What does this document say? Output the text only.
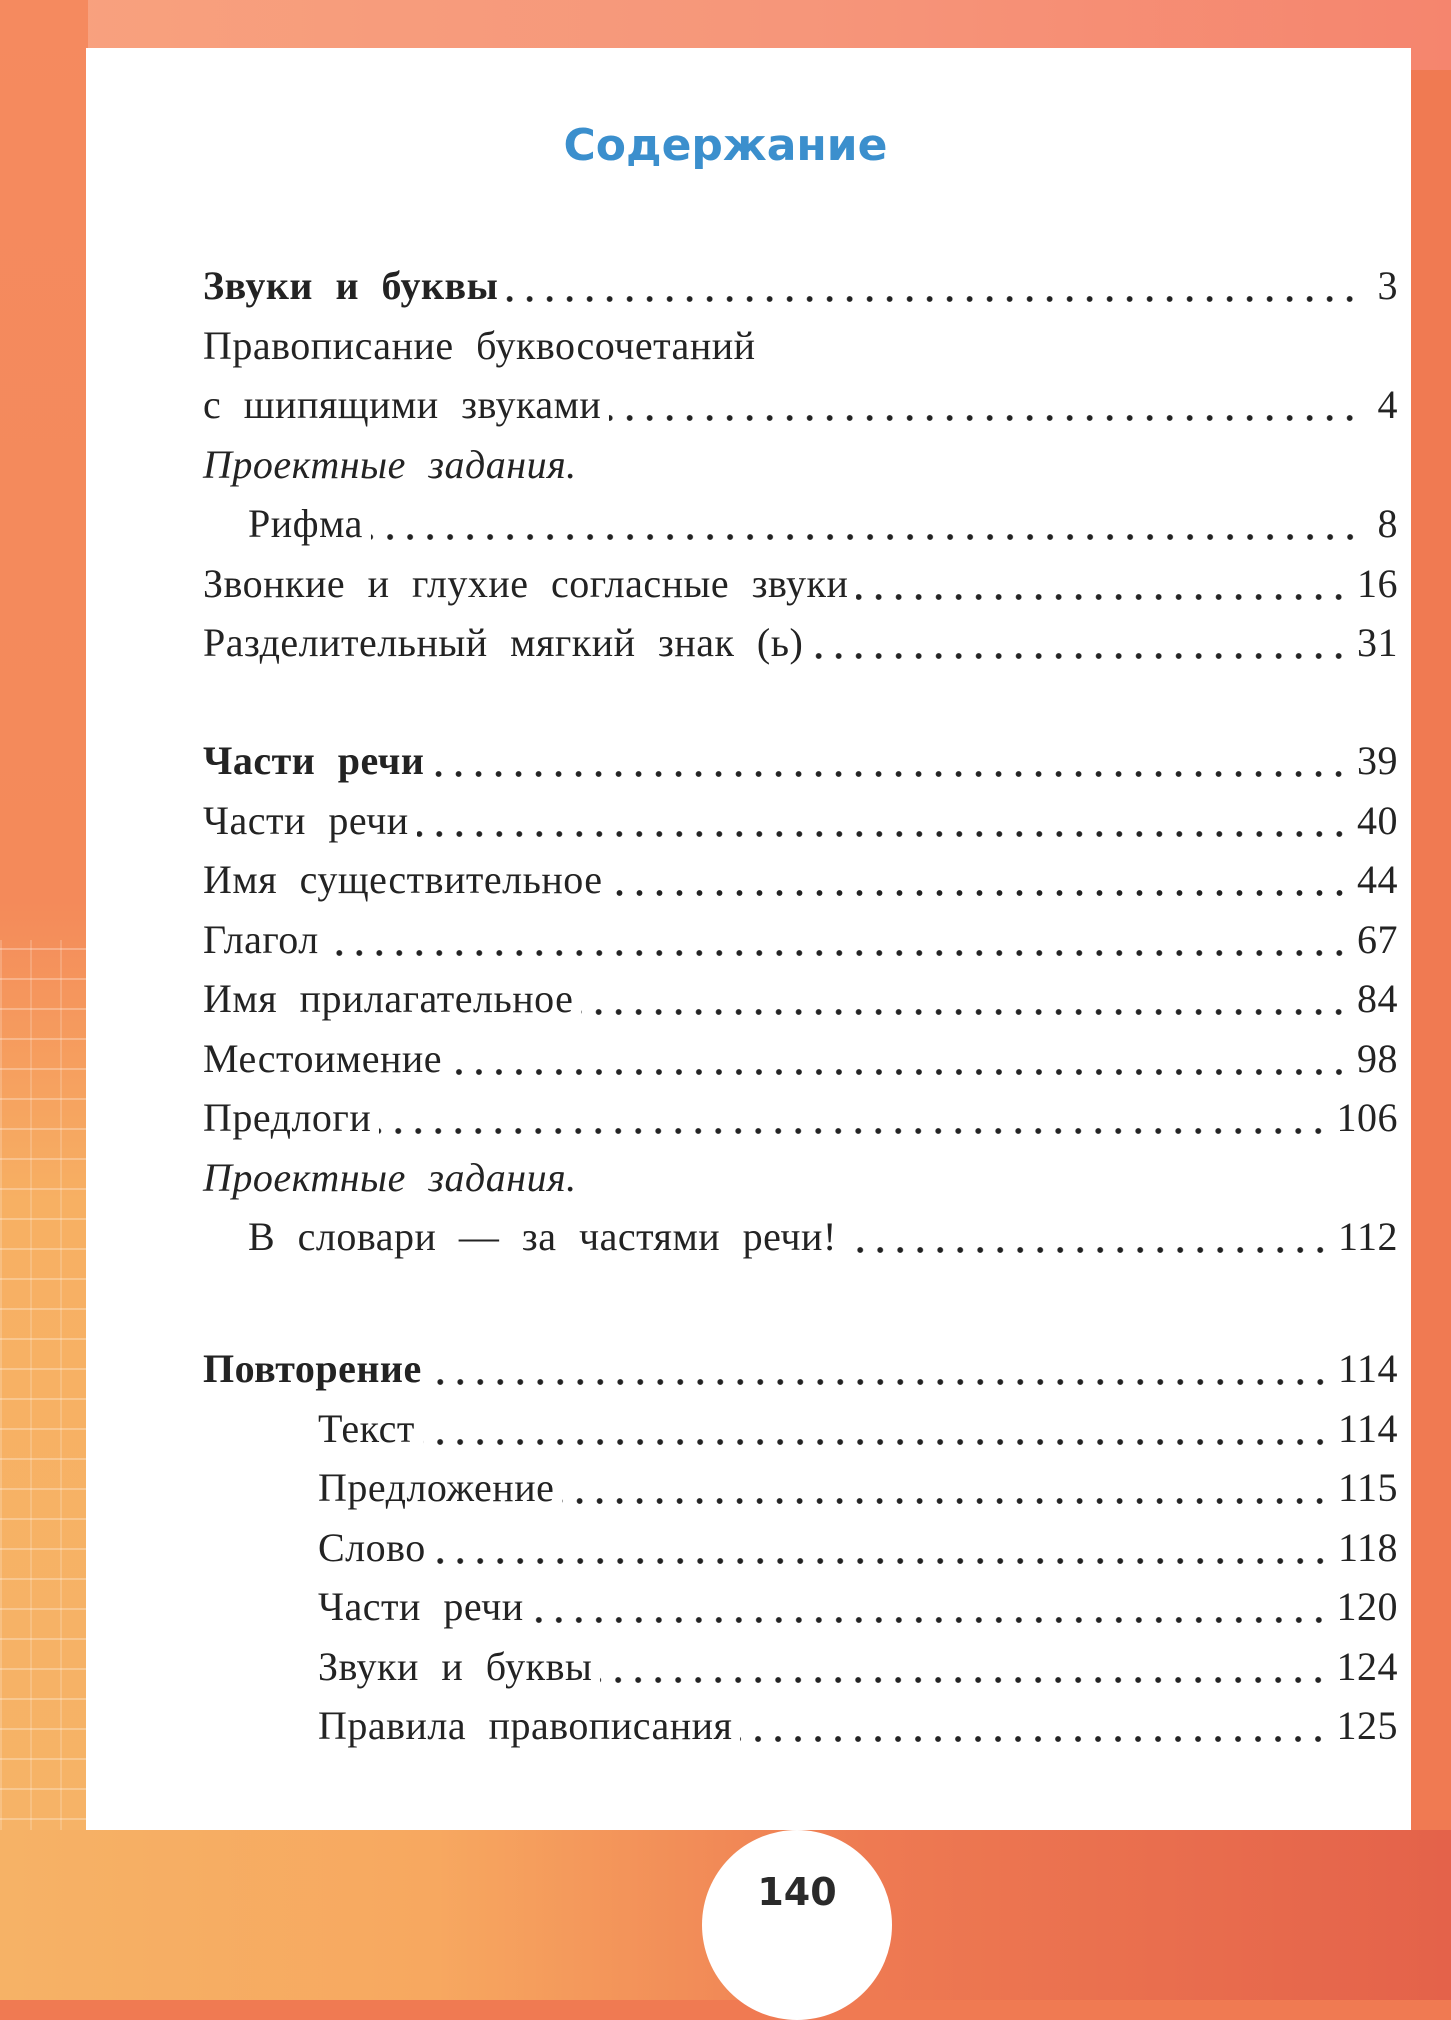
Содержание
Звуки и буквы	3
Правописание буквосочетаний
с шипящими звуками	4
Проектные задания.
Рифма	8
Звонкие и глухие согласные звуки	16
Разделительный мягкий знак (ь)	31
Части речи	39
Части речи	40
Имя существительное	44
Глагол	67
Имя прилагательное	84
Местоимение	98
Предлоги	106
Проектные задания.
В словари — за частями речи!	112
Повторение	114
Текст	114
Предложение	115
Слово	118
Части речи	120
Звуки и буквы	124
Правила правописания	125
140
